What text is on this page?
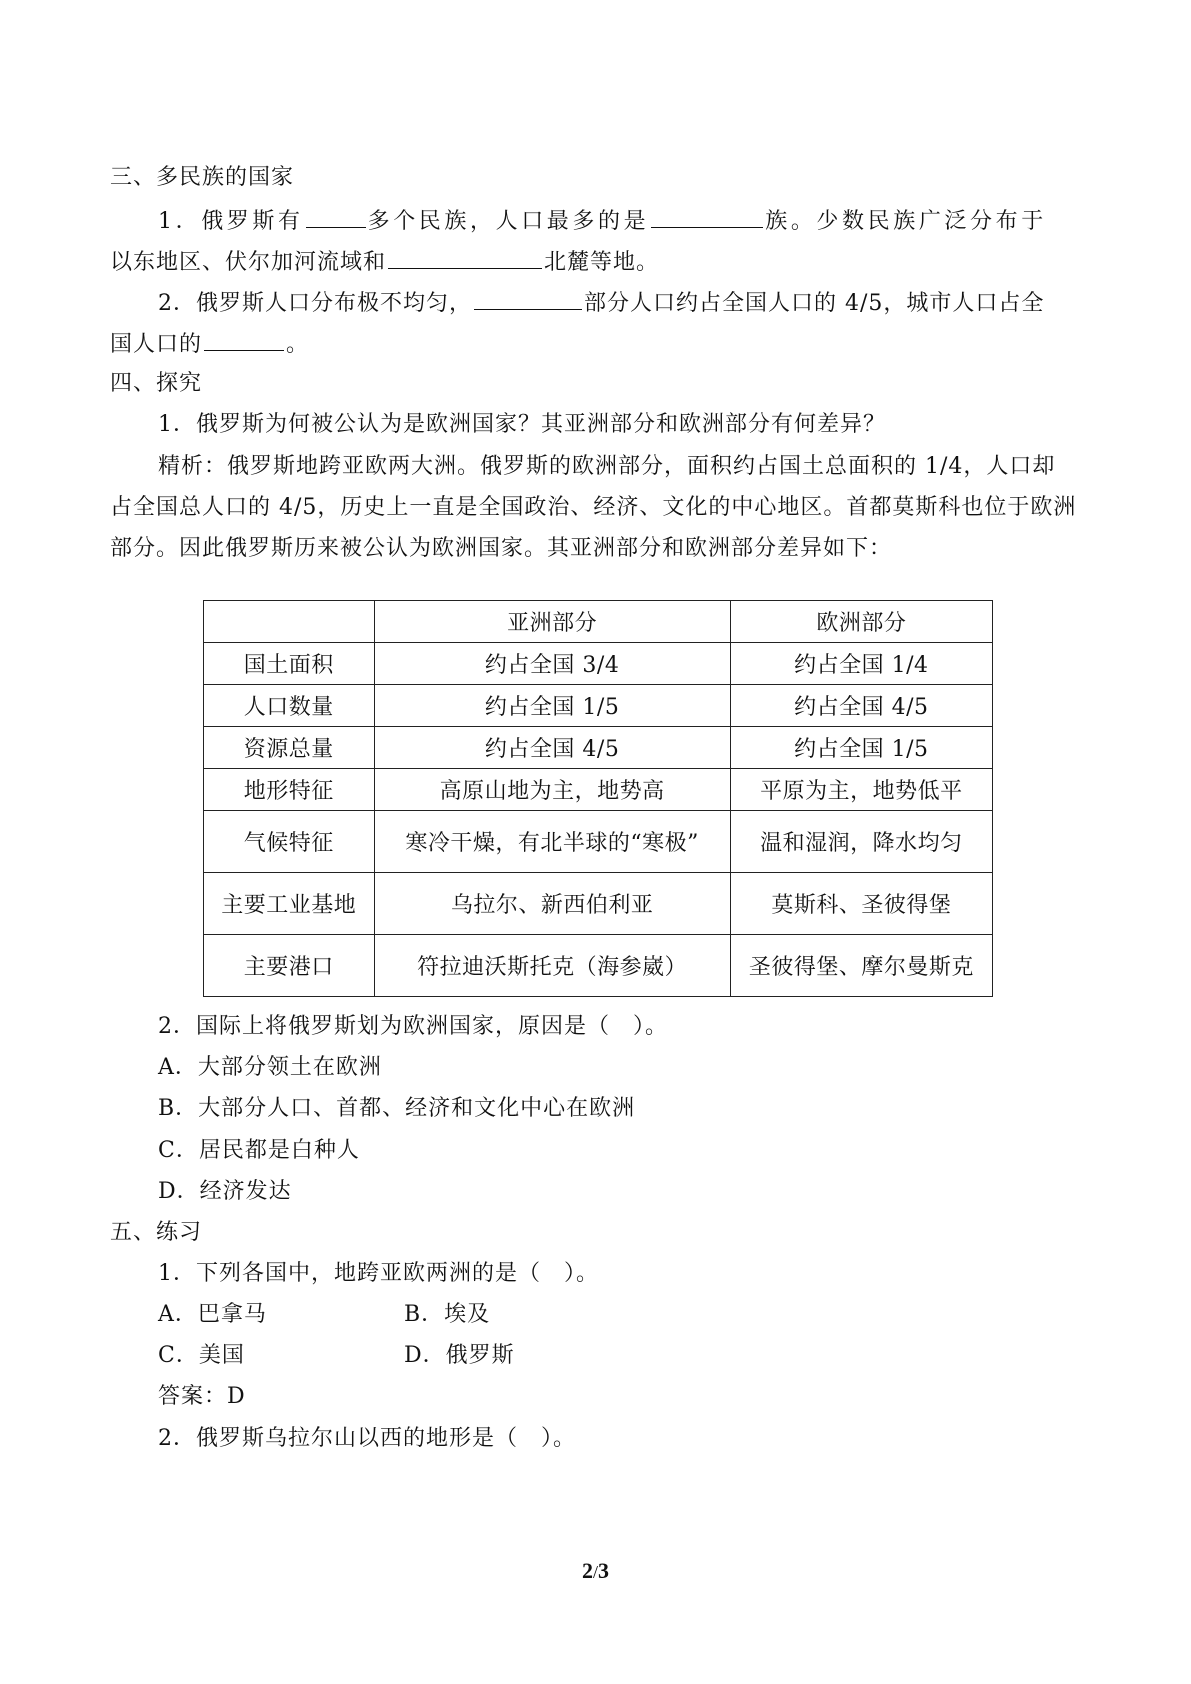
三、多民族的国家
1．俄罗斯有	多个民族，人口最多的是	族。少数民族广泛分布于
以东地区、伏尔加河流域和	北麓等地。
2．俄罗斯人口分布极不均匀，	部分人口约占全国人口的 4/5，城市人口占全
国人口的	。
四、探究
1．俄罗斯为何被公认为是欧洲国家？其亚洲部分和欧洲部分有何差异？
精析：俄罗斯地跨亚欧两大洲。俄罗斯的欧洲部分，面积约占国土总面积的 1/4，人口却
占全国总人口的 4/5，历史上一直是全国政治、经济、文化的中心地区。首都莫斯科也位于欧洲
部分。因此俄罗斯历来被公认为欧洲国家。其亚洲部分和欧洲部分差异如下：
	亚洲部分	欧洲部分
国土面积	约占全国 3/4	约占全国 1/4
人口数量	约占全国 1/5	约占全国 4/5
资源总量	约占全国 4/5	约占全国 1/5
地形特征	高原山地为主，地势高	平原为主，地势低平
气候特征	寒冷干燥，有北半球的“寒极”	温和湿润，降水均匀
主要工业基地	乌拉尔、新西伯利亚	莫斯科、圣彼得堡
主要港口	符拉迪沃斯托克（海参崴）	圣彼得堡、摩尔曼斯克
2．国际上将俄罗斯划为欧洲国家，原因是（　）。
A．大部分领土在欧洲
B．大部分人口、首都、经济和文化中心在欧洲
C．居民都是白种人
D．经济发达
五、练习
1．下列各国中，地跨亚欧两洲的是（　）。
A．巴拿马	B．埃及
C．美国	D．俄罗斯
答案：D
2．俄罗斯乌拉尔山以西的地形是（　）。
2/3
